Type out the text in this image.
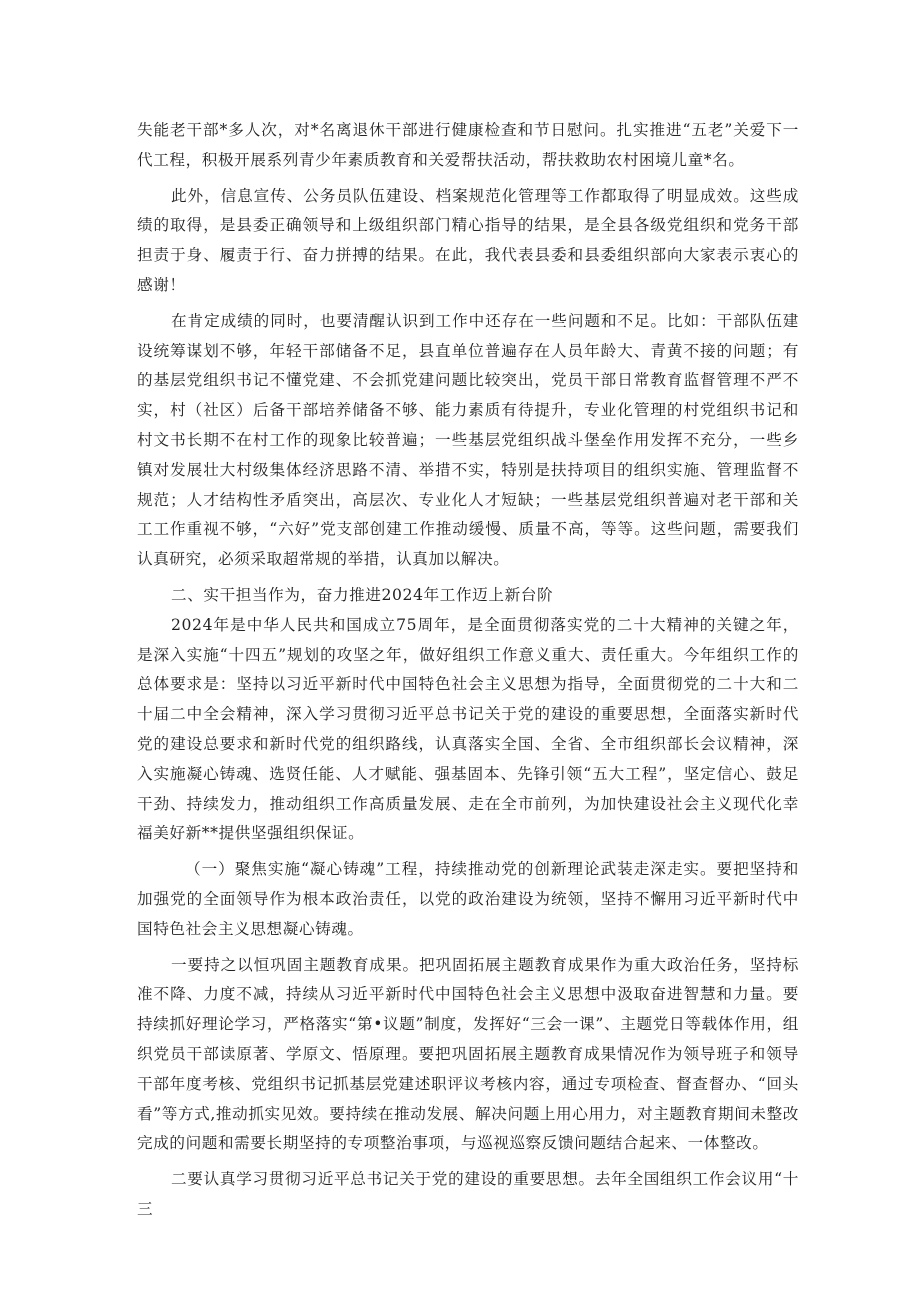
失能老干部*多人次，对*名离退休干部进行健康检查和节日慰问。扎实推进“五老”关爱下一代工程，积极开展系列青少年素质教育和关爱帮扶活动，帮扶救助农村困境儿童*名。

此外，信息宣传、公务员队伍建设、档案规范化管理等工作都取得了明显成效。这些成绩的取得，是县委正确领导和上级组织部门精心指导的结果，是全县各级党组织和党务干部担责于身、履责于行、奋力拼搏的结果。在此，我代表县委和县委组织部向大家表示衷心的感谢！

在肯定成绩的同时，也要清醒认识到工作中还存在一些问题和不足。比如：干部队伍建设统筹谋划不够，年轻干部储备不足，县直单位普遍存在人员年龄大、青黄不接的问题；有的基层党组织书记不懂党建、不会抓党建问题比较突出，党员干部日常教育监督管理不严不实，村（社区）后备干部培养储备不够、能力素质有待提升，专业化管理的村党组织书记和村文书长期不在村工作的现象比较普遍；一些基层党组织战斗堡垒作用发挥不充分，一些乡镇对发展壮大村级集体经济思路不清、举措不实，特别是扶持项目的组织实施、管理监督不规范；人才结构性矛盾突出，高层次、专业化人才短缺；一些基层党组织普遍对老干部和关工工作重视不够，“六好”党支部创建工作推动缓慢、质量不高，等等。这些问题，需要我们认真研究，必须采取超常规的举措，认真加以解决。

二、实干担当作为，奋力推进2024年工作迈上新台阶

2024年是中华人民共和国成立75周年，是全面贯彻落实党的二十大精神的关键之年，是深入实施“十四五”规划的攻坚之年，做好组织工作意义重大、责任重大。今年组织工作的总体要求是：坚持以习近平新时代中国特色社会主义思想为指导，全面贯彻党的二十大和二十届二中全会精神，深入学习贯彻习近平总书记关于党的建设的重要思想，全面落实新时代党的建设总要求和新时代党的组织路线，认真落实全国、全省、全市组织部长会议精神，深入实施凝心铸魂、选贤任能、人才赋能、强基固本、先锋引领“五大工程”，坚定信心、鼓足干劲、持续发力，推动组织工作高质量发展、走在全市前列，为加快建设社会主义现代化幸福美好新**提供坚强组织保证。

（一）聚焦实施“凝心铸魂”工程，持续推动党的创新理论武装走深走实。要把坚持和加强党的全面领导作为根本政治责任，以党的政治建设为统领，坚持不懈用习近平新时代中国特色社会主义思想凝心铸魂。

一要持之以恒巩固主题教育成果。把巩固拓展主题教育成果作为重大政治任务，坚持标准不降、力度不减，持续从习近平新时代中国特色社会主义思想中汲取奋进智慧和力量。要持续抓好理论学习，严格落实“第•议题”制度，发挥好“三会一课”、主题党日等载体作用，组织党员干部读原著、学原文、悟原理。要把巩固拓展主题教育成果情况作为领导班子和领导干部年度考核、党组织书记抓基层党建述职评议考核内容，通过专项检查、督查督办、“回头看”等方式,推动抓实见效。要持续在推动发展、解决问题上用心用力，对主题教育期间未整改完成的问题和需要长期坚持的专项整治事项，与巡视巡察反馈问题结合起来、一体整改。

二要认真学习贯彻习近平总书记关于党的建设的重要思想。去年全国组织工作会议用“十三
